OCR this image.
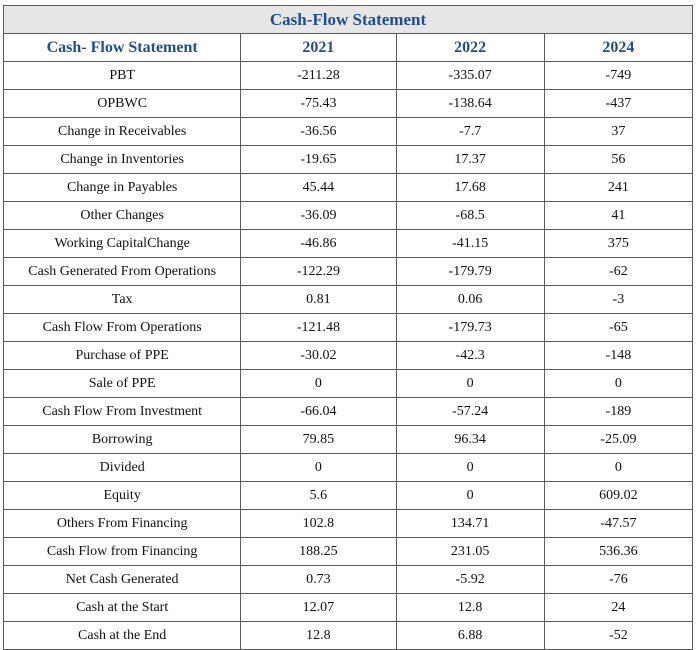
Cash-Flow Statement			
Cash- Flow Statement	2021	2022	2024
PBT	-211.28	-335.07	-749
OPBWC	-75.43	-138.64	-437
Change in Receivables	-36.56	-7.7	37
Change in Inventories	-19.65	17.37	56
Change in Payables	45.44	17.68	241
Other Changes	-36.09	-68.5	41
Working CapitalChange	-46.86	-41.15	375
Cash Generated From Operations	-122.29	-179.79	-62
Tax	0.81	0.06	-3
Cash Flow From Operations	-121.48	-179.73	-65
Purchase of PPE	-30.02	-42.3	-148
Sale of PPE	0	0	0
Cash Flow From Investment	-66.04	-57.24	-189
Borrowing	79.85	96.34	-25.09
Divided	0	0	0
Equity	5.6	0	609.02
Others From Financing	102.8	134.71	-47.57
Cash Flow from Financing	188.25	231.05	536.36
Net Cash Generated	0.73	-5.92	-76
Cash at the Start	12.07	12.8	24
Cash at the End	12.8	6.88	-52
